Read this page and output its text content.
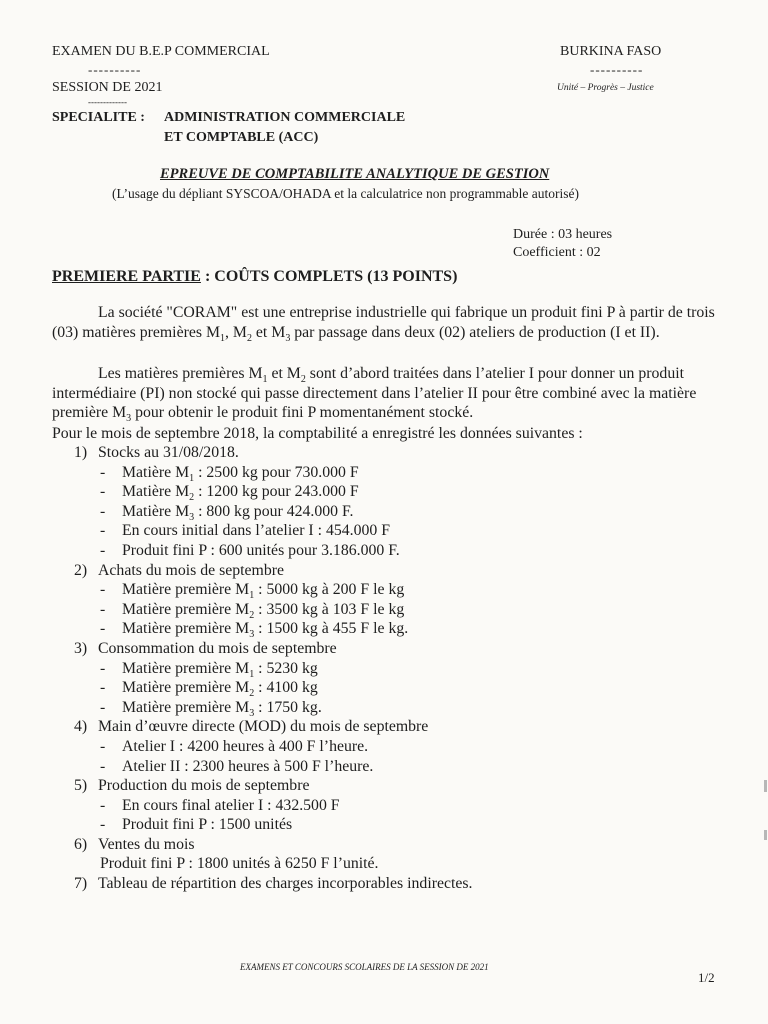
EXAMEN DU B.E.P COMMERCIAL
----------
SESSION DE 2021
-------------
SPECIALITE : ADMINISTRATION COMMERCIALE
ET COMPTABLE (ACC)
BURKINA FASO
----------
Unité – Progrès – Justice
EPREUVE DE COMPTABILITE ANALYTIQUE DE GESTION
(L’usage du dépliant SYSCOA/OHADA et la calculatrice non programmable autorisé)
Durée : 03 heures
Coefficient : 02
PREMIERE PARTIE : COÛTS COMPLETS (13 POINTS)
La société "CORAM" est une entreprise industrielle qui fabrique un produit fini P à partir de trois (03) matières premières $M_1$, $M_2$ et $M_3$ par passage dans deux (02) ateliers de production (I et II).
Les matières premières $M_1$ et $M_2$ sont d’abord traitées dans l’atelier I pour donner un produit intermédiaire (PI) non stocké qui passe directement dans l’atelier II pour être combiné avec la matière première $M_3$ pour obtenir le produit fini P momentanément stocké.
Pour le mois de septembre 2018, la comptabilité a enregistré les données suivantes :
1) Stocks au 31/08/2018.
- Matière $M_1$ : 2500 kg pour 730.000 F
- Matière $M_2$ : 1200 kg pour 243.000 F
- Matière $M_3$ : 800 kg pour 424.000 F.
- En cours initial dans l’atelier I : 454.000 F
- Produit fini P : 600 unités pour 3.186.000 F.
2) Achats du mois de septembre
- Matière première $M_1$ : 5000 kg à 200 F le kg
- Matière première $M_2$ : 3500 kg à 103 F le kg
- Matière première $M_3$ : 1500 kg à 455 F le kg.
3) Consommation du mois de septembre
- Matière première $M_1$ : 5230 kg
- Matière première $M_2$ : 4100 kg
- Matière première $M_3$ : 1750 kg.
4) Main d’œuvre directe (MOD) du mois de septembre
- Atelier I : 4200 heures à 400 F l’heure.
- Atelier II : 2300 heures à 500 F l’heure.
5) Production du mois de septembre
- En cours final atelier I : 432.500 F
- Produit fini P : 1500 unités
6) Ventes du mois
Produit fini P : 1800 unités à 6250 F l’unité.
7) Tableau de répartition des charges incorporables indirectes.
EXAMENS ET CONCOURS SCOLAIRES DE LA SESSION DE 2021
1/2
